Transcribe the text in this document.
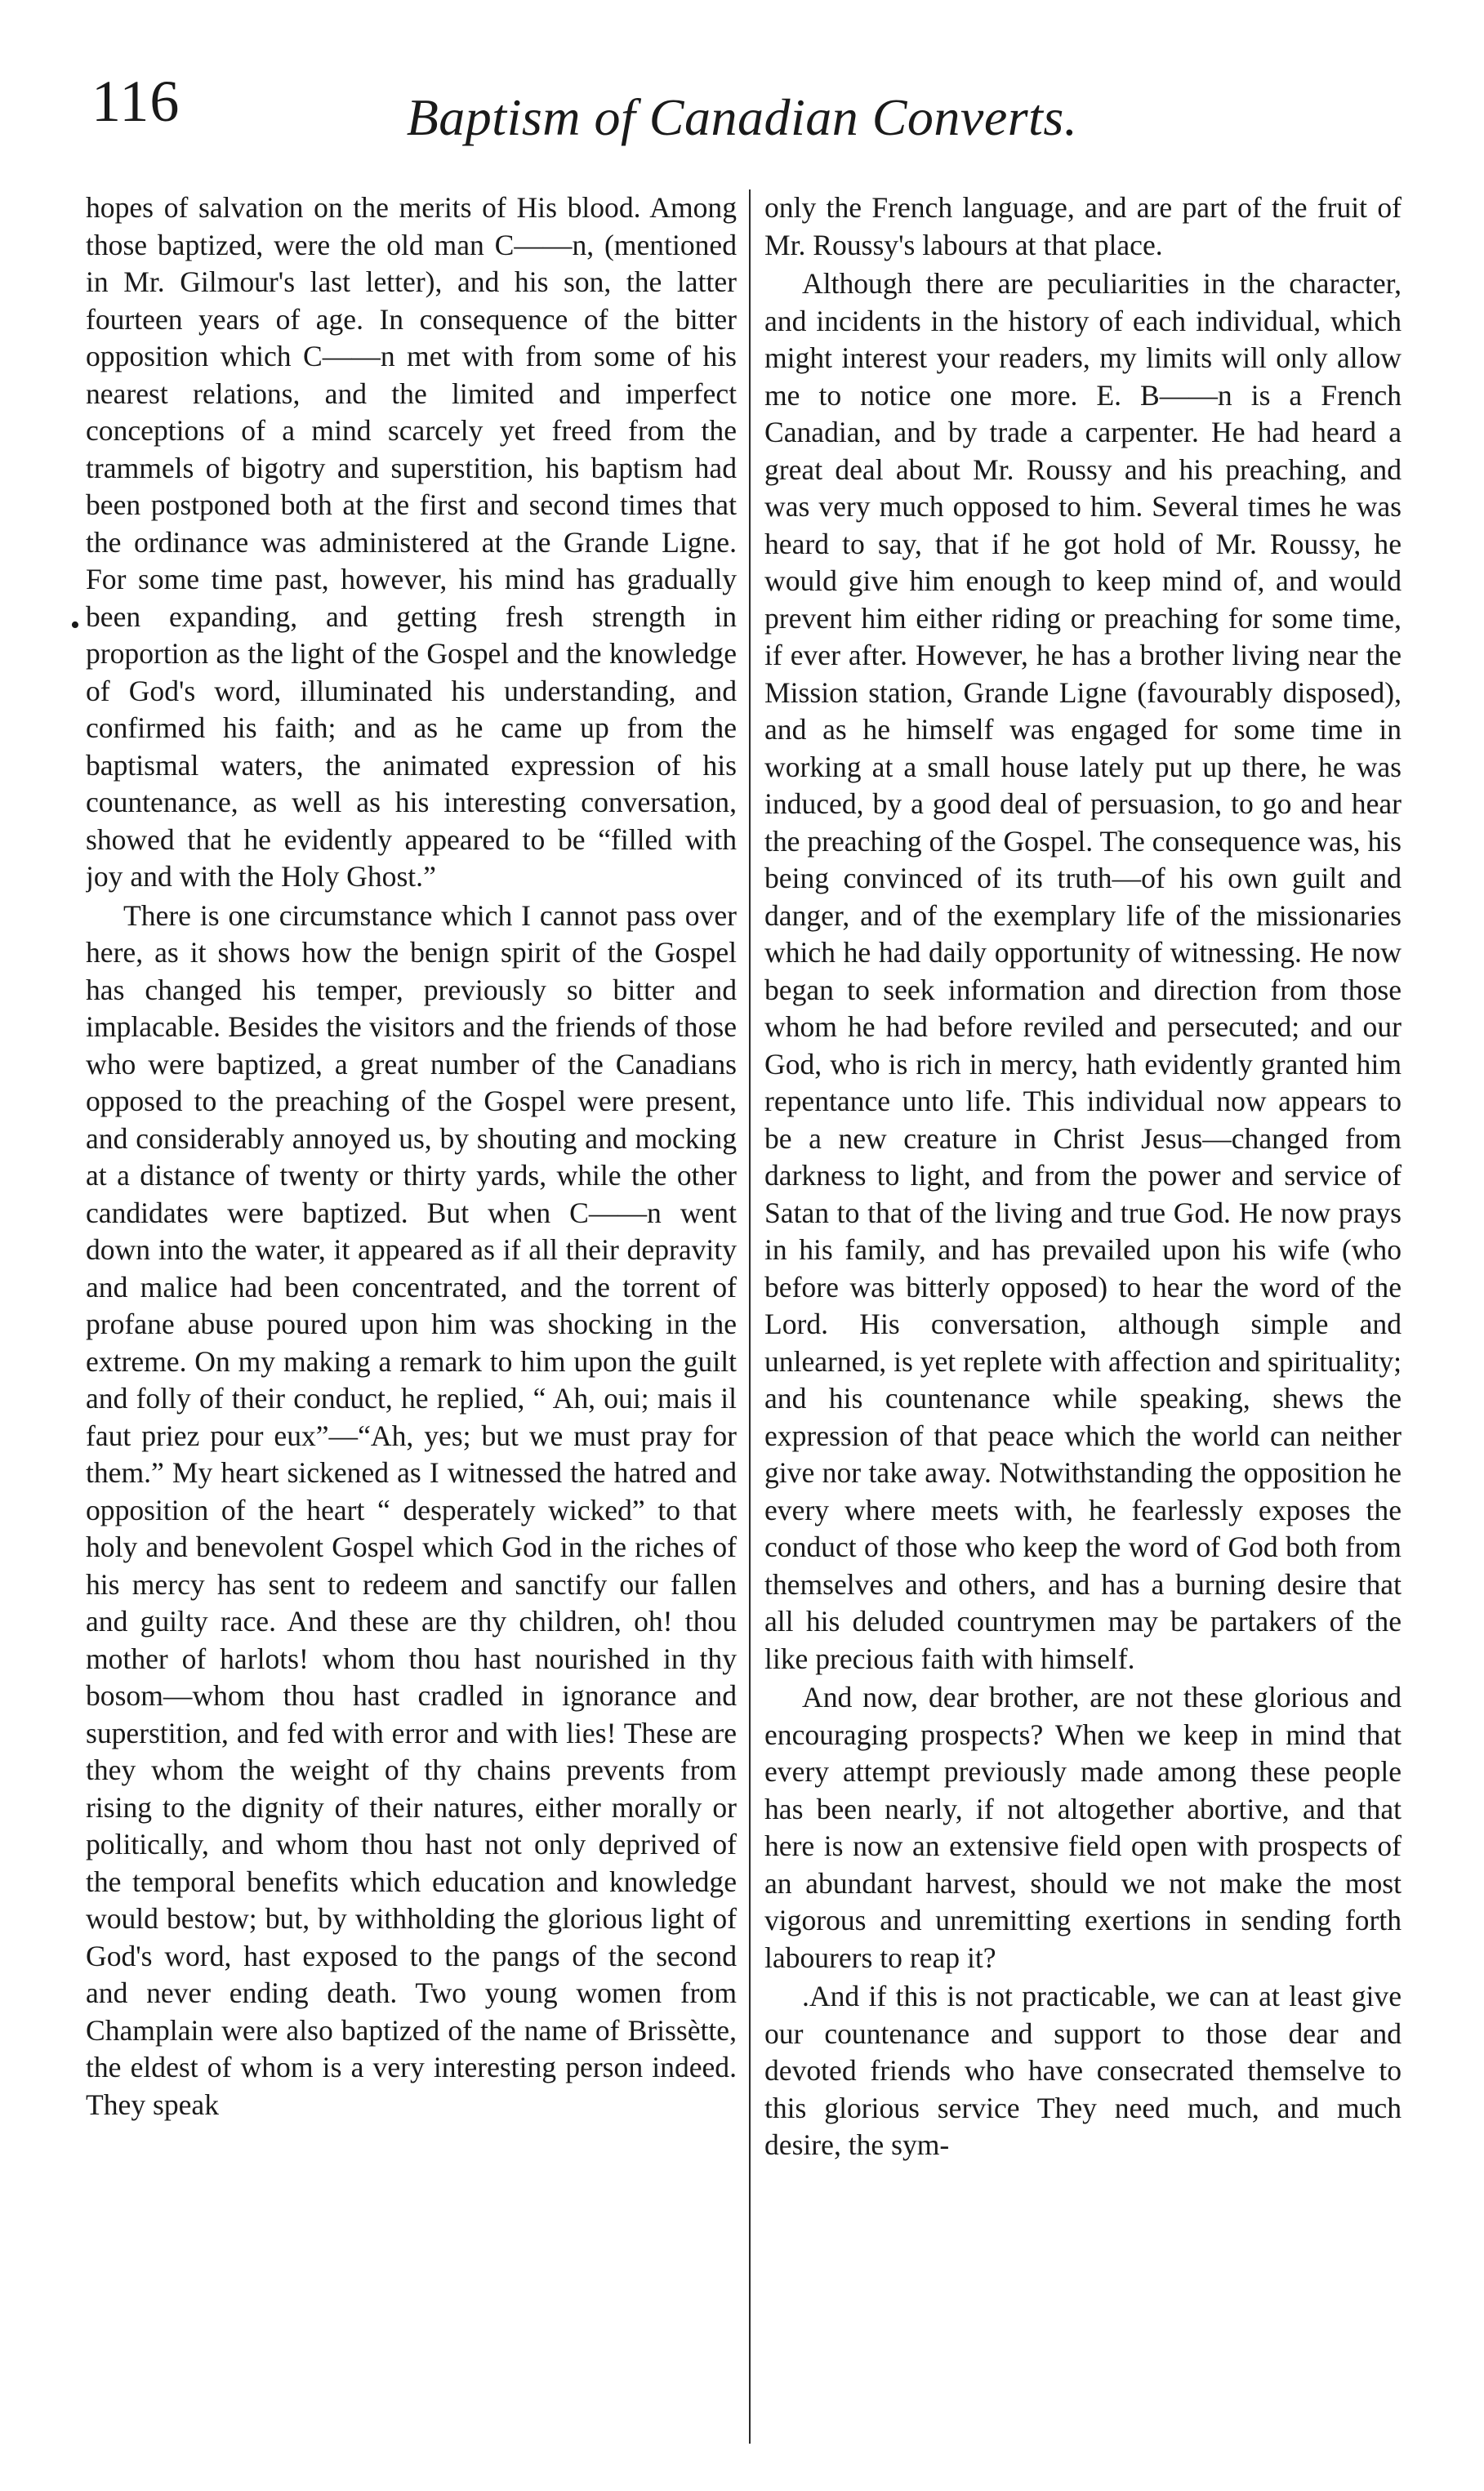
116	Baptism of Canadian Converts.
•

hopes of salvation on the merits of His blood. Among those baptized, were the old man C——n, (mentioned in Mr. Gilmour's last letter), and his son, the latter fourteen years of age. In consequence of the bitter opposition which C——n met with from some of his nearest relations, and the limited and imperfect conceptions of a mind scarcely yet freed from the trammels of bigotry and superstition, his baptism had been postponed both at the first and second times that the ordinance was administered at the Grande Ligne. For some time past, however, his mind has gradually been expanding, and getting fresh strength in proportion as the light of the Gospel and the knowledge of God's word, illuminated his understanding, and confirmed his faith; and as he came up from the baptismal waters, the animated expression of his countenance, as well as his interesting conversation, showed that he evidently appeared to be “filled with joy and with the Holy Ghost.”

There is one circumstance which I cannot pass over here, as it shows how the benign spirit of the Gospel has changed his temper, previously so bitter and implacable. Besides the visitors and the friends of those who were baptized, a great number of the Canadians opposed to the preaching of the Gospel were present, and considerably annoyed us, by shouting and mocking at a distance of twenty or thirty yards, while the other candidates were baptized. But when C——n went down into the water, it appeared as if all their depravity and malice had been concentrated, and the torrent of profane abuse poured upon him was shocking in the extreme. On my making a remark to him upon the guilt and folly of their conduct, he replied, “ Ah, oui; mais il faut priez pour eux”—“Ah, yes; but we must pray for them.” My heart sickened as I witnessed the hatred and opposition of the heart “ desperately wicked” to that holy and benevolent Gospel which God in the riches of his mercy has sent to redeem and sanctify our fallen and guilty race. And these are thy children, oh! thou mother of harlots! whom thou hast nourished in thy bosom—whom thou hast cradled in ignorance and superstition, and fed with error and with lies! These are they whom the weight of thy chains prevents from rising to the dignity of their natures, either morally or politically, and whom thou hast not only deprived of the temporal benefits which education and knowledge would bestow; but, by withholding the glorious light of God's word, hast exposed to the pangs of the second and never ending death. Two young women from Champlain were also baptized of the name of Brissètte, the eldest of whom is a very interesting person indeed. They speak

only the French language, and are part of the fruit of Mr. Roussy's labours at that place.

Although there are peculiarities in the character, and incidents in the history of each individual, which might interest your readers, my limits will only allow me to notice one more. E. B——n is a French Canadian, and by trade a carpenter. He had heard a great deal about Mr. Roussy and his preaching, and was very much opposed to him. Several times he was heard to say, that if he got hold of Mr. Roussy, he would give him enough to keep mind of, and would prevent him either riding or preaching for some time, if ever after. However, he has a brother living near the Mission station, Grande Ligne (favourably disposed), and as he himself was engaged for some time in working at a small house lately put up there, he was induced, by a good deal of persuasion, to go and hear the preaching of the Gospel. The consequence was, his being convinced of its truth—of his own guilt and danger, and of the exemplary life of the missionaries which he had daily opportunity of witnessing. He now began to seek information and direction from those whom he had before reviled and persecuted; and our God, who is rich in mercy, hath evidently granted him repentance unto life. This individual now appears to be a new creature in Christ Jesus—changed from darkness to light, and from the power and service of Satan to that of the living and true God. He now prays in his family, and has prevailed upon his wife (who before was bitterly opposed) to hear the word of the Lord. His conversation, although simple and unlearned, is yet replete with affection and spirituality; and his countenance while speaking, shews the expression of that peace which the world can neither give nor take away. Notwithstanding the opposition he every where meets with, he fearlessly exposes the conduct of those who keep the word of God both from themselves and others, and has a burning desire that all his deluded countrymen may be partakers of the like precious faith with himself.

And now, dear brother, are not these glorious and encouraging prospects? When we keep in mind that every attempt previously made among these people has been nearly, if not altogether abortive, and that here is now an extensive field open with prospects of an abundant harvest, should we not make the most vigorous and unremitting exertions in sending forth labourers to reap it?

.And if this is not practicable, we can at least give our countenance and support to those dear and devoted friends who have consecrated themselve to this glorious service They need much, and much desire, the sym-
